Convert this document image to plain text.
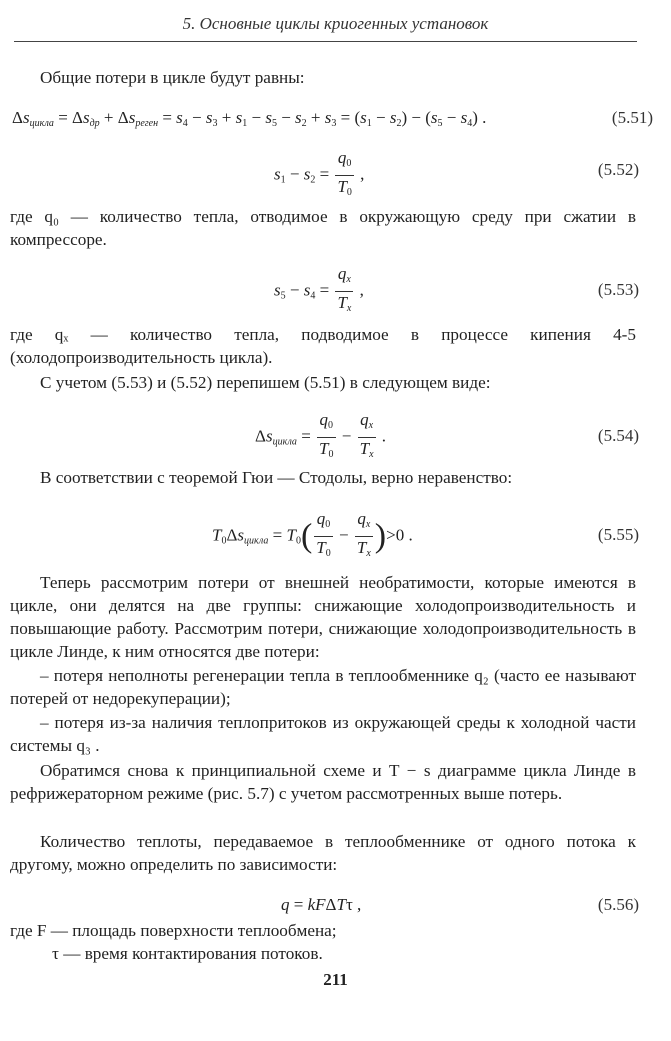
5. Основные циклы криогенных установок
Общие потери в цикле будут равны:
$\Delta s_{цикла} = \Delta s_{др} + \Delta s_{реген} = s_4 - s_3 + s_1 - s_5 - s_2 + s_3 = (s_1 - s_2) - (s_5 - s_4)$ .	(5.51)
$s_1 - s_2 = \frac{q_0}{T_0}$ ,	(5.52)
где q₀ — количество тепла, отводимое в окружающую среду при сжатии в компрессоре.
$s_5 - s_4 = \frac{q_x}{T_x}$ ,	(5.53)
где qₓ — количество тепла, подводимое в процессе кипения 4-5 (холодопроизводительность цикла).
С учетом (5.53) и (5.52) перепишем (5.51) в следующем виде:
$\Delta s_{цикла} = \frac{q_0}{T_0} - \frac{q_x}{T_x}$ .	(5.54)
В соответствии с теоремой Гюи — Стодолы, верно неравенство:
$T_0\Delta s_{цикла} = T_0( \frac{q_0}{T_0} - \frac{q_x}{T_x} )>0$ .	(5.55)
Теперь рассмотрим потери от внешней необратимости, которые имеются в цикле, они делятся на две группы: снижающие холодопроизводительность и повышающие работу. Рассмотрим потери, снижающие холодопроизводительность в цикле Линде, к ним относятся две потери:
– потеря неполноты регенерации тепла в теплообменнике q₂ (часто ее называют потерей от недорекуперации);
– потеря из-за наличия теплопритоков из окружающей среды к холодной части системы q₃ .
Обратимся снова к принципиальной схеме и T − s диаграмме цикла Линде в рефрижераторном режиме (рис. 5.7) с учетом рассмотренных выше потерь.
Количество теплоты, передаваемое в теплообменнике от одного потока к другому, можно определить по зависимости:
q = kFΔTτ ,	(5.56)
где F — площадь поверхности теплообмена;
τ — время контактирования потоков.
211
